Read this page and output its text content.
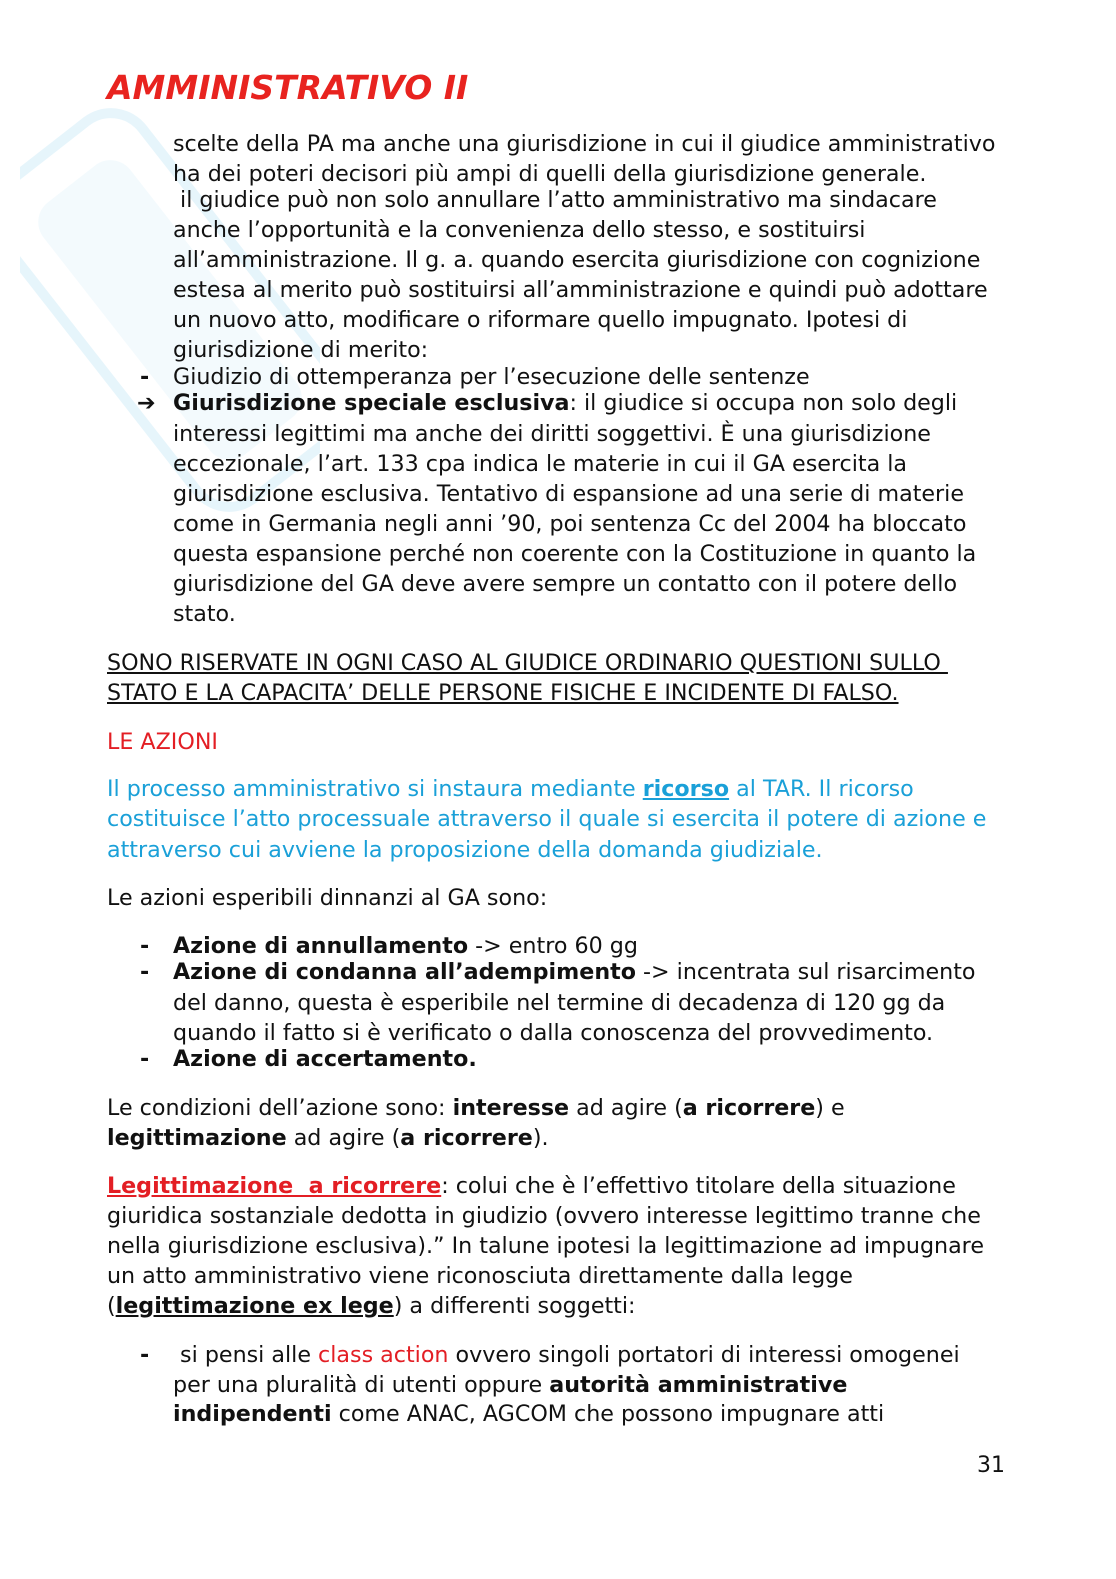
AMMINISTRATIVO II
scelte della PA ma anche una giurisdizione in cui il giudice amministrativo
ha dei poteri decisori più ampi di quelli della giurisdizione generale.
il giudice può non solo annullare l’atto amministrativo ma sindacare
anche l’opportunità e la convenienza dello stesso, e sostituirsi
all’amministrazione. Il g. a. quando esercita giurisdizione con cognizione
estesa al merito può sostituirsi all’amministrazione e quindi può adottare
un nuovo atto, modificare o riformare quello impugnato. Ipotesi di
giurisdizione di merito:
- Giudizio di ottemperanza per l’esecuzione delle sentenze
➔ Giurisdizione speciale esclusiva: il giudice si occupa non solo degli
interessi legittimi ma anche dei diritti soggettivi. È una giurisdizione
eccezionale, l’art. 133 cpa indica le materie in cui il GA esercita la
giurisdizione esclusiva. Tentativo di espansione ad una serie di materie
come in Germania negli anni ’90, poi sentenza Cc del 2004 ha bloccato
questa espansione perché non coerente con la Costituzione in quanto la
giurisdizione del GA deve avere sempre un contatto con il potere dello
stato.
SONO RISERVATE IN OGNI CASO AL GIUDICE ORDINARIO QUESTIONI SULLO
STATO E LA CAPACITA’ DELLE PERSONE FISICHE E INCIDENTE DI FALSO.
LE AZIONI
Il processo amministrativo si instaura mediante ricorso al TAR. Il ricorso
costituisce l’atto processuale attraverso il quale si esercita il potere di azione e
attraverso cui avviene la proposizione della domanda giudiziale.
Le azioni esperibili dinnanzi al GA sono:
- Azione di annullamento -> entro 60 gg
- Azione di condanna all’adempimento -> incentrata sul risarcimento
del danno, questa è esperibile nel termine di decadenza di 120 gg da
quando il fatto si è verificato o dalla conoscenza del provvedimento.
- Azione di accertamento.
Le condizioni dell’azione sono: interesse ad agire (a ricorrere) e
legittimazione ad agire (a ricorrere).
Legittimazione  a ricorrere: colui che è l’effettivo titolare della situazione
giuridica sostanziale dedotta in giudizio (ovvero interesse legittimo tranne che
nella giurisdizione esclusiva).” In talune ipotesi la legittimazione ad impugnare
un atto amministrativo viene riconosciuta direttamente dalla legge
(legittimazione ex lege) a differenti soggetti:
- si pensi alle class action ovvero singoli portatori di interessi omogenei
per una pluralità di utenti oppure autorità amministrative
indipendenti come ANAC, AGCOM che possono impugnare atti
31
